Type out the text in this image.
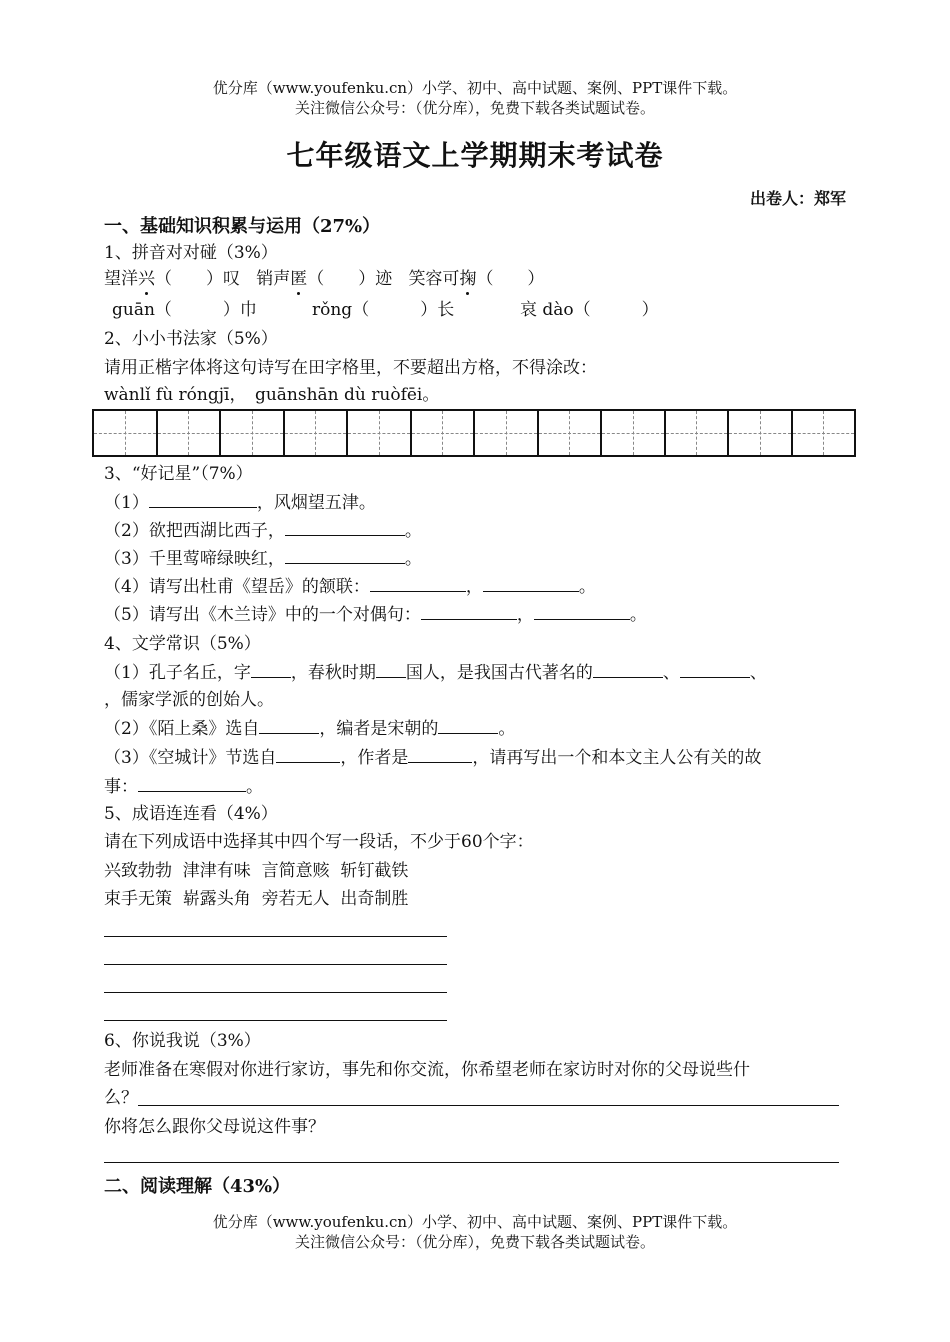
优分库（www.youfenku.cn）小学、初中、高中试题、案例、PPT课件下载。
关注微信公众号：（优分库），免费下载各类试题试卷。
七年级语文上学期期末考试卷
出卷人：郑军
一、基础知识积累与运用（27%）
1、拼音对对碰（3%）
望洋兴（　　）叹 销声匿（　　）迹 笑容可掬（　　）
guān（　　　）巾	rǒng（　　　）长	哀 dào（　　　）
2、小小书法家（5%）
请用正楷字体将这句诗写在田字格里，不要超出方格，不得涂改：
wànlǐ fù róngjī，　guānshān dù ruòfēi。
3、“好记星”（7%）
（1）	，风烟望五津。
（2）欲把西湖比西子，	。
（3）千里莺啼绿映红，	。
（4）请写出杜甫《望岳》的颔联：	，	。
（5）请写出《木兰诗》中的一个对偶句：	，	。
4、文学常识（5%）
（1）孔子名丘，字 ，春秋时期 国人，是我国古代著名的	、	、
，儒家学派的创始人。
（2）《陌上桑》选自	，编者是宋朝的	。
（3）《空城计》节选自	，作者是	，请再写出一个和本文主人公有关的故
事：	。
5、成语连连看（4%）
请在下列成语中选择其中四个写一段话，不少于60个字：
兴致勃勃  津津有味  言简意赅  斩钉截铁
束手无策  崭露头角  旁若无人  出奇制胜
6、你说我说（3%）
老师准备在寒假对你进行家访，事先和你交流，你希望老师在家访时对你的父母说些什
么？
你将怎么跟你父母说这件事？
二、阅读理解（43%）
优分库（www.youfenku.cn）小学、初中、高中试题、案例、PPT课件下载。
关注微信公众号：（优分库），免费下载各类试题试卷。
